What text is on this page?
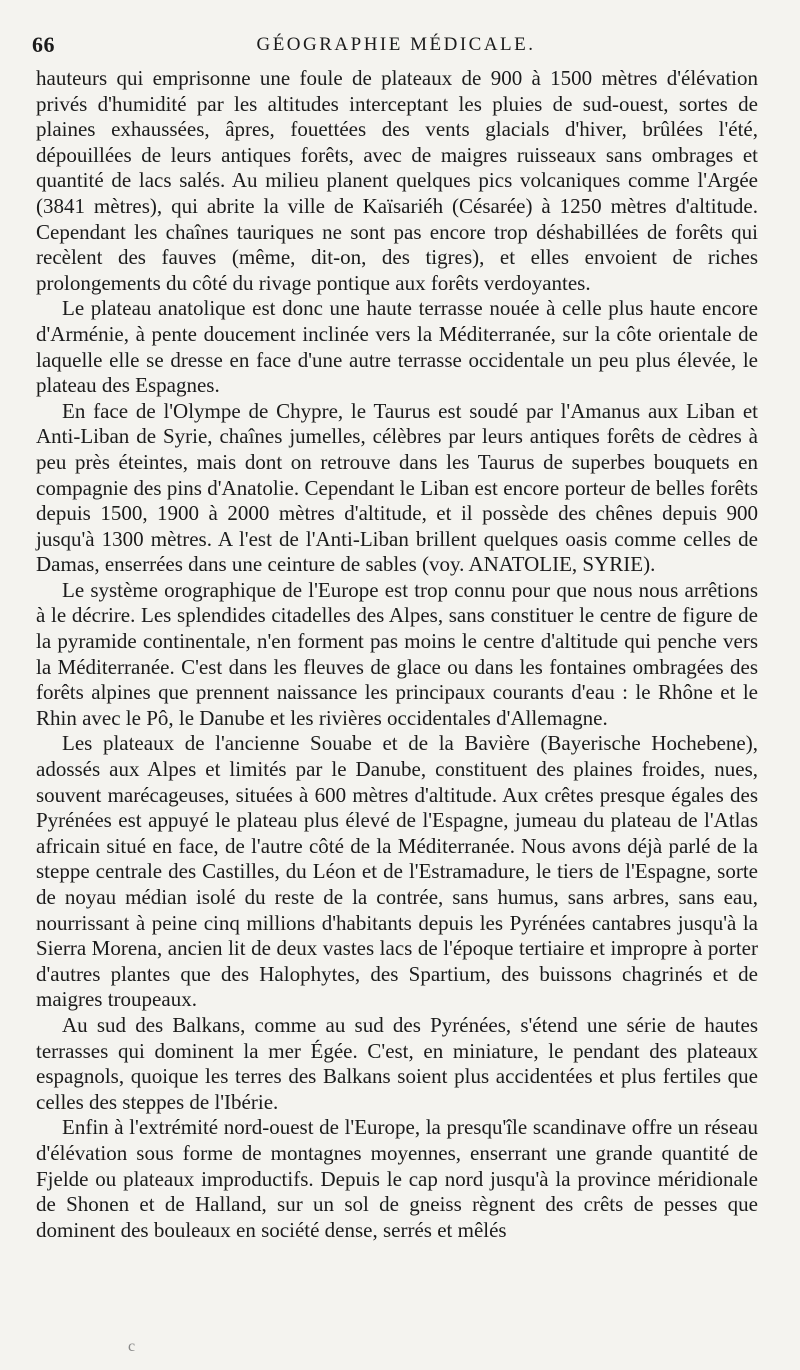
66	GÉOGRAPHIE MÉDICALE.

hauteurs qui emprisonne une foule de plateaux de 900 à 1500 mètres d'élévation privés d'humidité par les altitudes interceptant les pluies de sud-ouest, sortes de plaines exhaussées, âpres, fouettées des vents glacials d'hiver, brûlées l'été, dépouillées de leurs antiques forêts, avec de maigres ruisseaux sans ombrages et quantité de lacs salés. Au milieu planent quelques pics volcaniques comme l'Argée (3841 mètres), qui abrite la ville de Kaïsariéh (Césarée) à 1250 mètres d'altitude. Cependant les chaînes tauriques ne sont pas encore trop déshabillées de forêts qui recèlent des fauves (même, dit-on, des tigres), et elles envoient de riches prolongements du côté du rivage pontique aux forêts verdoyantes.

Le plateau anatolique est donc une haute terrasse nouée à celle plus haute encore d'Arménie, à pente doucement inclinée vers la Méditerranée, sur la côte orientale de laquelle elle se dresse en face d'une autre terrasse occidentale un peu plus élevée, le plateau des Espagnes.

En face de l'Olympe de Chypre, le Taurus est soudé par l'Amanus aux Liban et Anti-Liban de Syrie, chaînes jumelles, célèbres par leurs antiques forêts de cèdres à peu près éteintes, mais dont on retrouve dans les Taurus de superbes bouquets en compagnie des pins d'Anatolie. Cependant le Liban est encore porteur de belles forêts depuis 1500, 1900 à 2000 mètres d'altitude, et il possède des chênes depuis 900 jusqu'à 1300 mètres. A l'est de l'Anti-Liban brillent quelques oasis comme celles de Damas, enserrées dans une ceinture de sables (voy. ANATOLIE, SYRIE).

Le système orographique de l'Europe est trop connu pour que nous nous arrêtions à le décrire. Les splendides citadelles des Alpes, sans constituer le centre de figure de la pyramide continentale, n'en forment pas moins le centre d'altitude qui penche vers la Méditerranée. C'est dans les fleuves de glace ou dans les fontaines ombragées des forêts alpines que prennent naissance les principaux courants d'eau : le Rhône et le Rhin avec le Pô, le Danube et les rivières occidentales d'Allemagne.

Les plateaux de l'ancienne Souabe et de la Bavière (Bayerische Hochebene), adossés aux Alpes et limités par le Danube, constituent des plaines froides, nues, souvent marécageuses, situées à 600 mètres d'altitude. Aux crêtes presque égales des Pyrénées est appuyé le plateau plus élevé de l'Espagne, jumeau du plateau de l'Atlas africain situé en face, de l'autre côté de la Méditerranée. Nous avons déjà parlé de la steppe centrale des Castilles, du Léon et de l'Estramadure, le tiers de l'Espagne, sorte de noyau médian isolé du reste de la contrée, sans humus, sans arbres, sans eau, nourrissant à peine cinq millions d'habitants depuis les Pyrénées cantabres jusqu'à la Sierra Morena, ancien lit de deux vastes lacs de l'époque tertiaire et impropre à porter d'autres plantes que des Halophytes, des Spartium, des buissons chagrinés et de maigres troupeaux.

Au sud des Balkans, comme au sud des Pyrénées, s'étend une série de hautes terrasses qui dominent la mer Égée. C'est, en miniature, le pendant des plateaux espagnols, quoique les terres des Balkans soient plus accidentées et plus fertiles que celles des steppes de l'Ibérie.

Enfin à l'extrémité nord-ouest de l'Europe, la presqu'île scandinave offre un réseau d'élévation sous forme de montagnes moyennes, enserrant une grande quantité de Fjelde ou plateaux improductifs. Depuis le cap nord jusqu'à la province méridionale de Shonen et de Halland, sur un sol de gneiss règnent des crêts de pesses que dominent des bouleaux en société dense, serrés et mêlés

c
